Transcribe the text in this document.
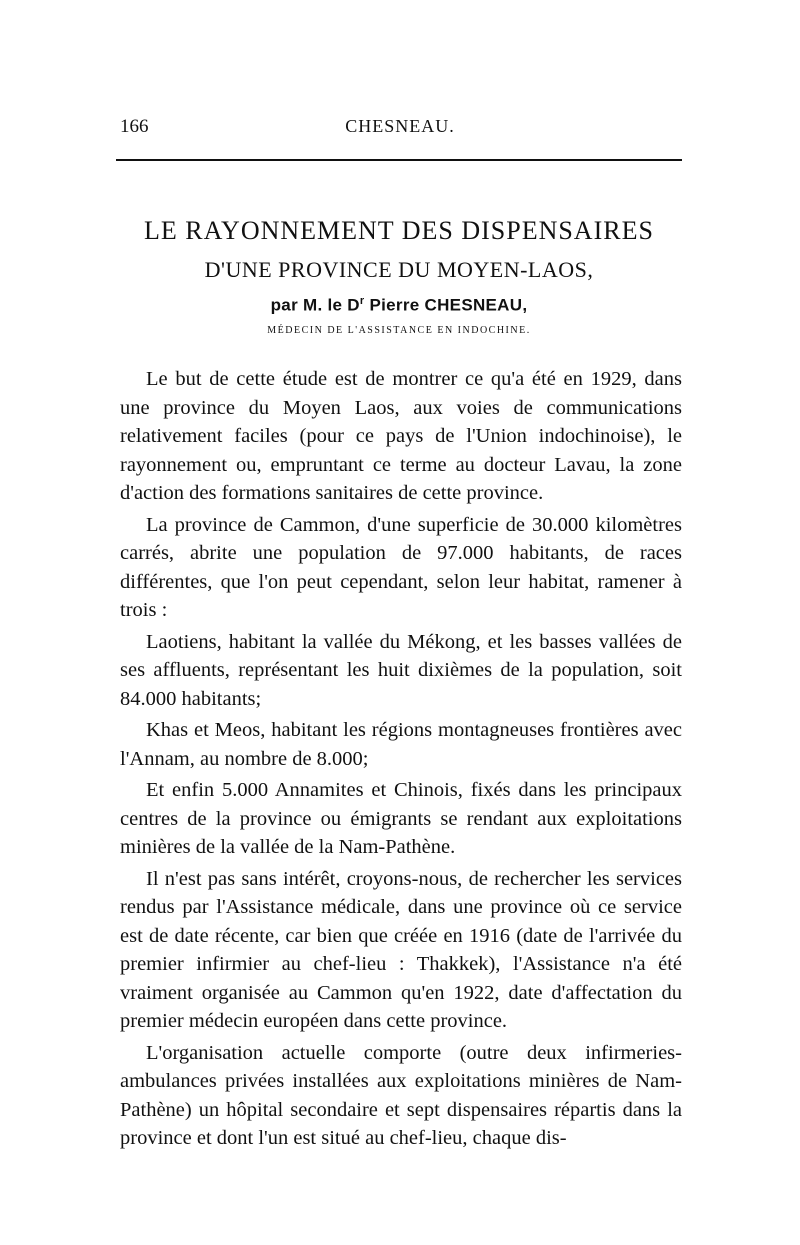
166	CHESNEAU.
LE RAYONNEMENT DES DISPENSAIRES
D'UNE PROVINCE DU MOYEN-LAOS,
par M. le $D^r$ Pierre CHESNEAU,
MÉDECIN DE L'ASSISTANCE EN INDOCHINE.

Le but de cette étude est de montrer ce qu'a été en 1929, dans une province du Moyen Laos, aux voies de communications relativement faciles (pour ce pays de l'Union indochinoise), le rayonnement ou, empruntant ce terme au docteur Lavau, la zone d'action des formations sanitaires de cette province.

La province de Cammon, d'une superficie de 30.000 kilomètres carrés, abrite une population de 97.000 habitants, de races différentes, que l'on peut cependant, selon leur habitat, ramener à trois :

Laotiens, habitant la vallée du Mékong, et les basses vallées de ses affluents, représentant les huit dixièmes de la population, soit 84.000 habitants;

Khas et Meos, habitant les régions montagneuses frontières avec l'Annam, au nombre de 8.000;

Et enfin 5.000 Annamites et Chinois, fixés dans les principaux centres de la province ou émigrants se rendant aux exploitations minières de la vallée de la Nam-Pathène.

Il n'est pas sans intérêt, croyons-nous, de rechercher les services rendus par l'Assistance médicale, dans une province où ce service est de date récente, car bien que créée en 1916 (date de l'arrivée du premier infirmier au chef-lieu : Thakkek), l'Assistance n'a été vraiment organisée au Cammon qu'en 1922, date d'affectation du premier médecin européen dans cette province.

L'organisation actuelle comporte (outre deux infirmeries-ambulances privées installées aux exploitations minières de Nam-Pathène) un hôpital secondaire et sept dispensaires répartis dans la province et dont l'un est situé au chef-lieu, chaque dis-
